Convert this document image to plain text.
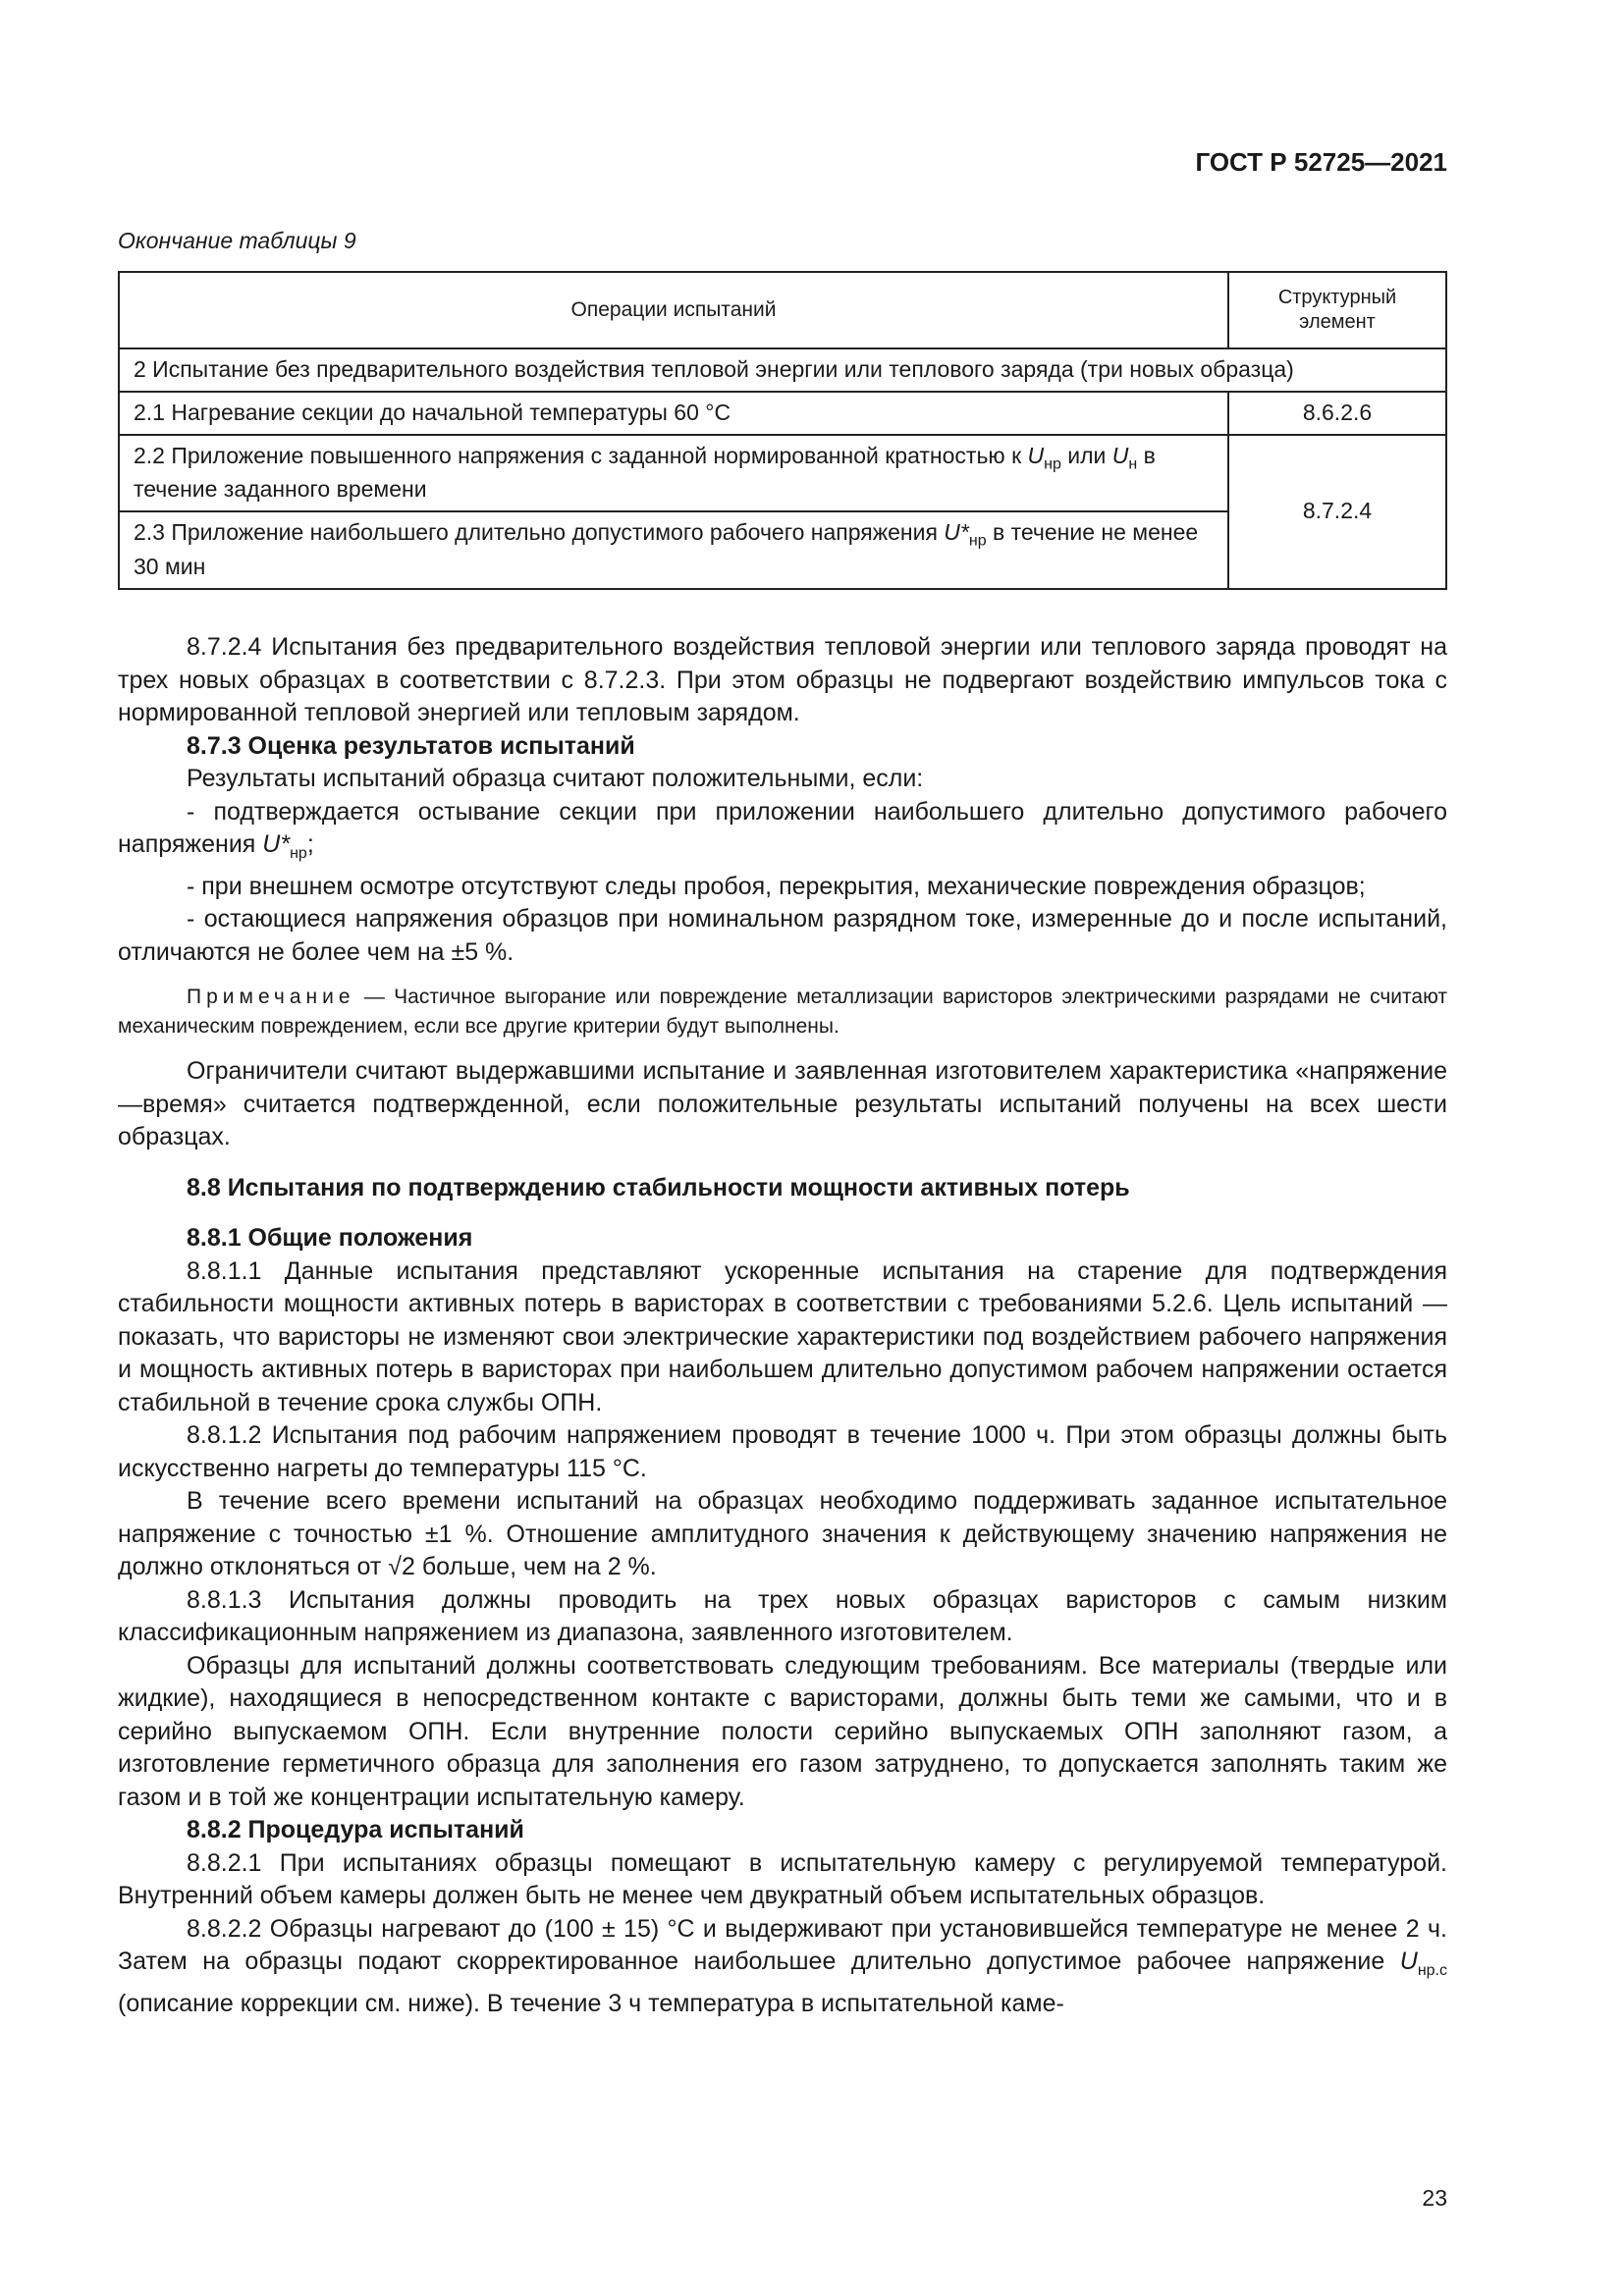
ГОСТ Р 52725—2021
Окончание таблицы 9
Операции испытаний	Структурный элемент
2 Испытание без предварительного воздействия тепловой энергии или теплового заряда (три новых образца)	
2.1 Нагревание секции до начальной температуры 60 °С	8.6.2.6
2.2 Приложение повышенного напряжения с заданной нормированной кратностью к $U_{нр}$ или $U_н$ в течение заданного времени	8.7.2.4
2.3 Приложение наибольшего длительно допустимого рабочего напряжения $U*_{нр}$ в течение не менее 30 мин	

8.7.2.4 Испытания без предварительного воздействия тепловой энергии или теплового заряда проводят на трех новых образцах в соответствии с 8.7.2.3. При этом образцы не подвергают воздействию импульсов тока с нормированной тепловой энергией или тепловым зарядом.

8.7.3 Оценка результатов испытаний

Результаты испытаний образца считают положительными, если:

- подтверждается остывание секции при приложении наибольшего длительно допустимого рабочего напряжения $U*_{нр}$;

- при внешнем осмотре отсутствуют следы пробоя, перекрытия, механические повреждения образцов;

- остающиеся напряжения образцов при номинальном разрядном токе, измеренные до и после испытаний, отличаются не более чем на ±5 %.

Примечание — Частичное выгорание или повреждение металлизации варисторов электрическими разрядами не считают механическим повреждением, если все другие критерии будут выполнены.

Ограничители считают выдержавшими испытание и заявленная изготовителем характеристика «напряжение—время» считается подтвержденной, если положительные результаты испытаний получены на всех шести образцах.

8.8 Испытания по подтверждению стабильности мощности активных потерь

8.8.1 Общие положения

8.8.1.1 Данные испытания представляют ускоренные испытания на старение для подтверждения стабильности мощности активных потерь в варисторах в соответствии с требованиями 5.2.6. Цель испытаний — показать, что варисторы не изменяют свои электрические характеристики под воздействием рабочего напряжения и мощность активных потерь в варисторах при наибольшем длительно допустимом рабочем напряжении остается стабильной в течение срока службы ОПН.

8.8.1.2 Испытания под рабочим напряжением проводят в течение 1000 ч. При этом образцы должны быть искусственно нагреты до температуры 115 °С.

В течение всего времени испытаний на образцах необходимо поддерживать заданное испытательное напряжение с точностью ±1 %. Отношение амплитудного значения к действующему значению напряжения не должно отклоняться от √2 больше, чем на 2 %.

8.8.1.3 Испытания должны проводить на трех новых образцах варисторов с самым низким классификационным напряжением из диапазона, заявленного изготовителем.

Образцы для испытаний должны соответствовать следующим требованиям. Все материалы (твердые или жидкие), находящиеся в непосредственном контакте с варисторами, должны быть теми же самыми, что и в серийно выпускаемом ОПН. Если внутренние полости серийно выпускаемых ОПН заполняют газом, а изготовление герметичного образца для заполнения его газом затруднено, то допускается заполнять таким же газом и в той же концентрации испытательную камеру.

8.8.2 Процедура испытаний

8.8.2.1 При испытаниях образцы помещают в испытательную камеру с регулируемой температурой. Внутренний объем камеры должен быть не менее чем двукратный объем испытательных образцов.

8.8.2.2 Образцы нагревают до (100 ± 15) °С и выдерживают при установившейся температуре не менее 2 ч. Затем на образцы подают скорректированное наибольшее длительно допустимое рабочее напряжение $U_{нр.с}$ (описание коррекции см. ниже). В течение 3 ч температура в испытательной каме-

23
